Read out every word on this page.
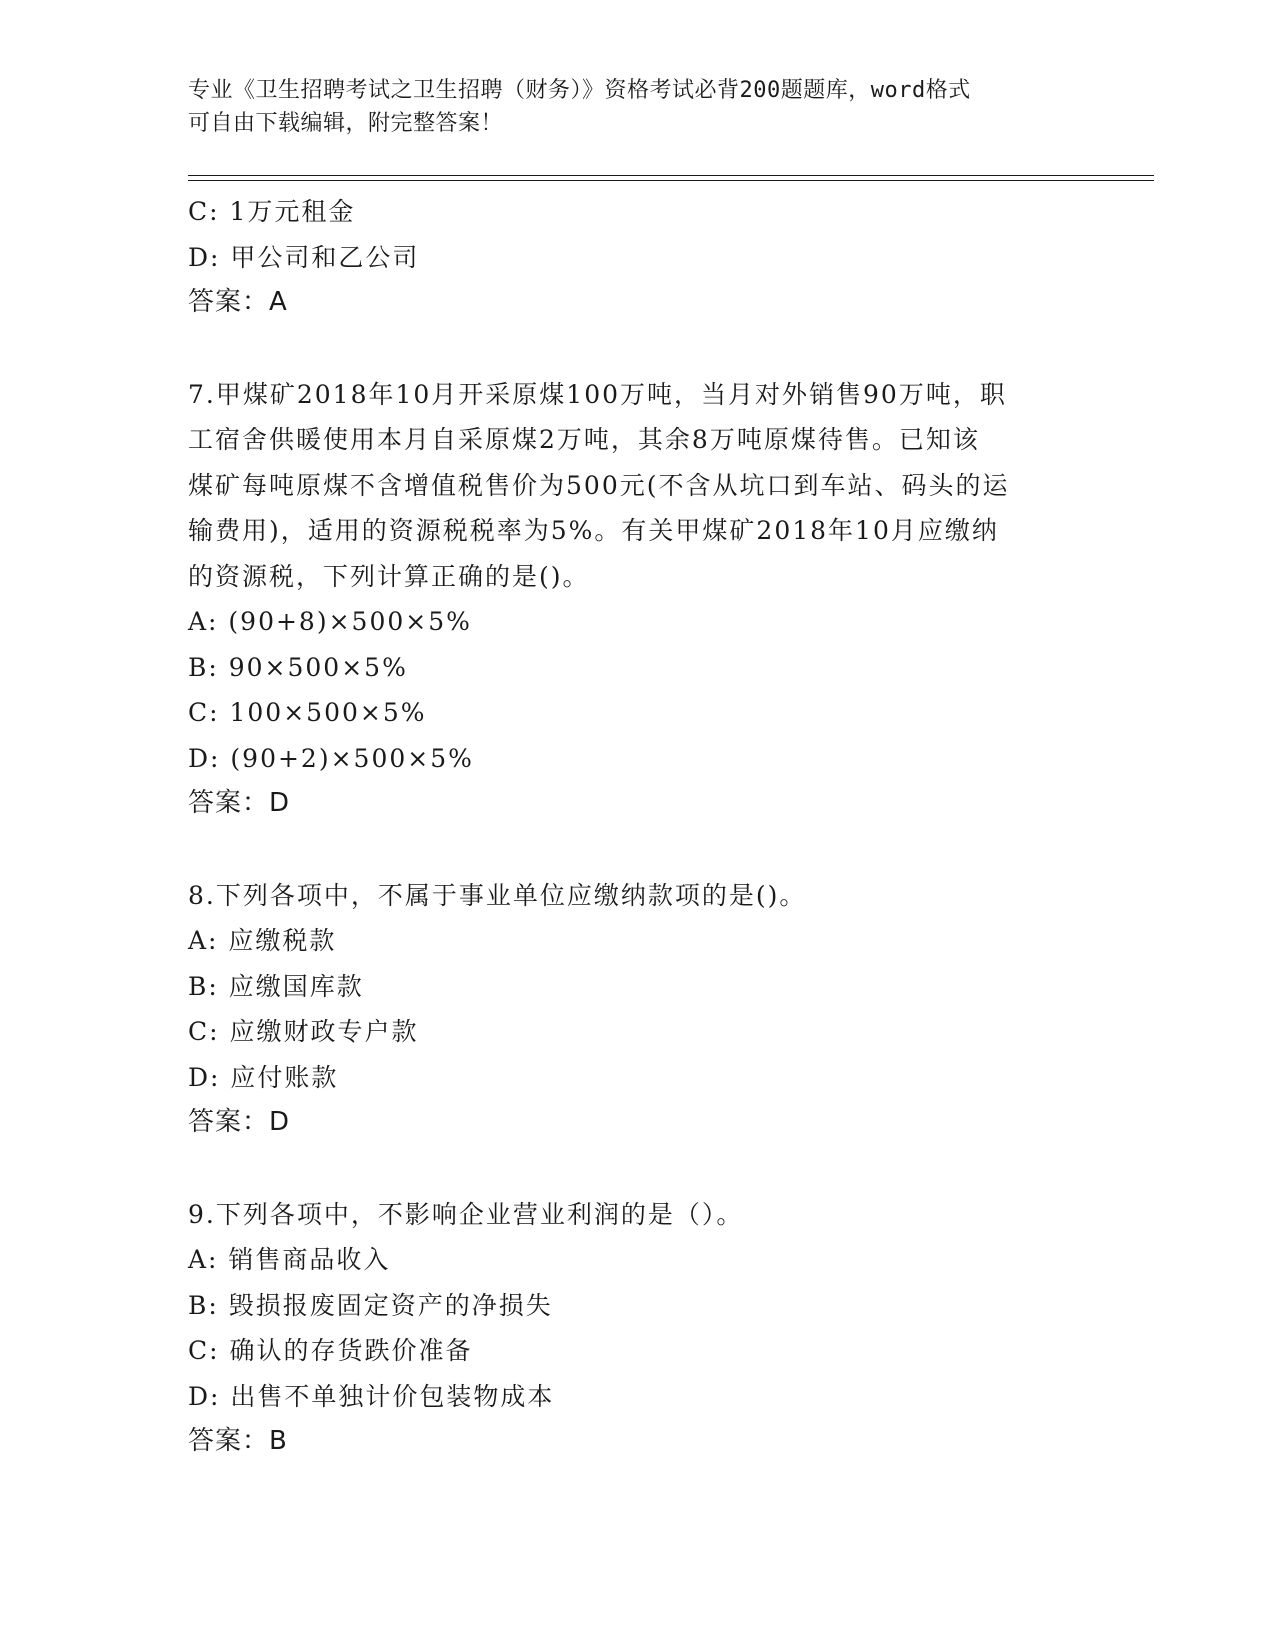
专业《卫生招聘考试之卫生招聘（财务）》资格考试必背200题题库，word格式
可自由下载编辑，附完整答案！
C: 1万元租金
D: 甲公司和乙公司
答案：A
7.甲煤矿2018年10月开采原煤100万吨，当月对外销售90万吨，职
工宿舍供暖使用本月自采原煤2万吨，其余8万吨原煤待售。已知该
煤矿每吨原煤不含增值税售价为500元(不含从坑口到车站、码头的运
输费用)，适用的资源税税率为5%。有关甲煤矿2018年10月应缴纳
的资源税，下列计算正确的是()。
A: (90+8)×500×5%
B: 90×500×5%
C: 100×500×5%
D: (90+2)×500×5%
答案：D
8.下列各项中，不属于事业单位应缴纳款项的是()。
A: 应缴税款
B: 应缴国库款
C: 应缴财政专户款
D: 应付账款
答案：D
9.下列各项中，不影响企业营业利润的是（）。
A: 销售商品收入
B: 毁损报废固定资产的净损失
C: 确认的存货跌价准备
D: 出售不单独计价包装物成本
答案：B
